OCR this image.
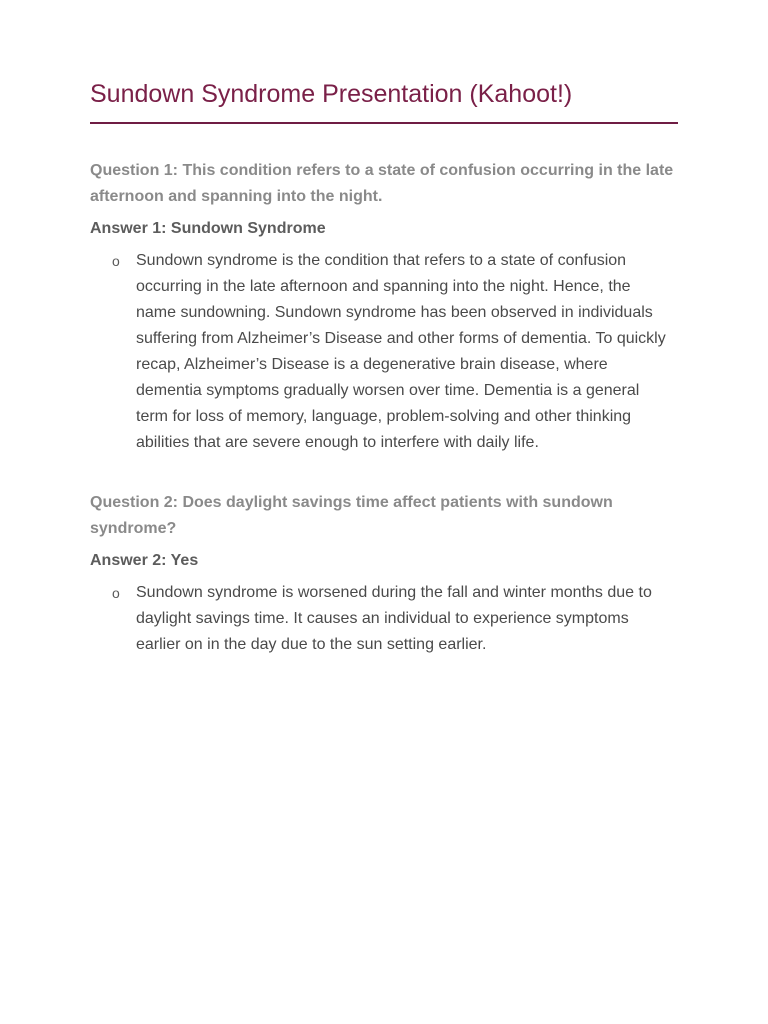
Sundown Syndrome Presentation (Kahoot!)

Question 1: This condition refers to a state of confusion occurring in the late afternoon and spanning into the night.

Answer 1: Sundown Syndrome

o Sundown syndrome is the condition that refers to a state of confusion occurring in the late afternoon and spanning into the night. Hence, the name sundowning. Sundown syndrome has been observed in individuals suffering from Alzheimer’s Disease and other forms of dementia. To quickly recap, Alzheimer’s Disease is a degenerative brain disease, where dementia symptoms gradually worsen over time. Dementia is a general term for loss of memory, language, problem-solving and other thinking abilities that are severe enough to interfere with daily life.

Question 2: Does daylight savings time affect patients with sundown syndrome?

Answer 2: Yes

o Sundown syndrome is worsened during the fall and winter months due to daylight savings time. It causes an individual to experience symptoms earlier on in the day due to the sun setting earlier.
